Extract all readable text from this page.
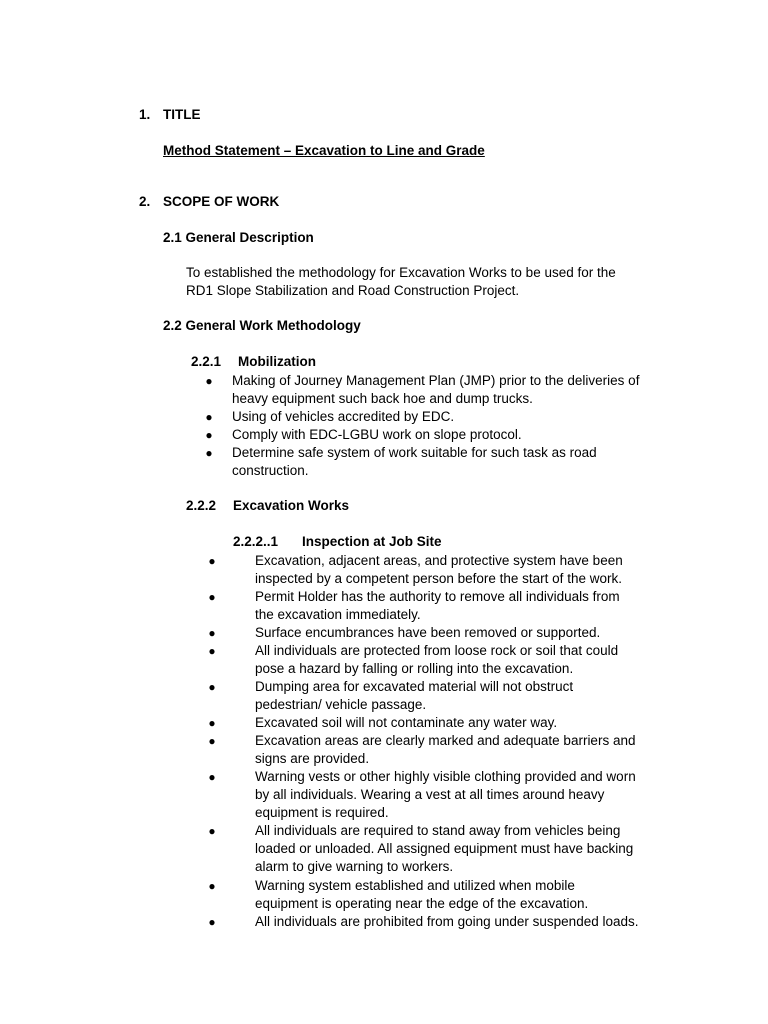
1. TITLE
Method Statement – Excavation to Line and Grade
2. SCOPE OF WORK
2.1 General Description
To established the methodology for Excavation Works to be used for the
RD1 Slope Stabilization and Road Construction Project.
2.2 General Work Methodology
2.2.1 Mobilization
● Making of Journey Management Plan (JMP) prior to the deliveries of
heavy equipment such back hoe and dump trucks.
● Using of vehicles accredited by EDC.
● Comply with EDC-LGBU work on slope protocol.
● Determine safe system of work suitable for such task as road
construction.
2.2.2 Excavation Works
2.2.2..1 Inspection at Job Site
●	Excavation, adjacent areas, and protective system have been
inspected by a competent person before the start of the work.
●	Permit Holder has the authority to remove all individuals from
the excavation immediately.
●	Surface encumbrances have been removed or supported.
●	All individuals are protected from loose rock or soil that could
pose a hazard by falling or rolling into the excavation.
●	Dumping area for excavated material will not obstruct
pedestrian/ vehicle passage.
●	Excavated soil will not contaminate any water way.
●	Excavation areas are clearly marked and adequate barriers and
signs are provided.
●	Warning vests or other highly visible clothing provided and worn
by all individuals. Wearing a vest at all times around heavy
equipment is required.
●	All individuals are required to stand away from vehicles being
loaded or unloaded. All assigned equipment must have backing
alarm to give warning to workers.
●	Warning system established and utilized when mobile
equipment is operating near the edge of the excavation.
●	All individuals are prohibited from going under suspended loads.
